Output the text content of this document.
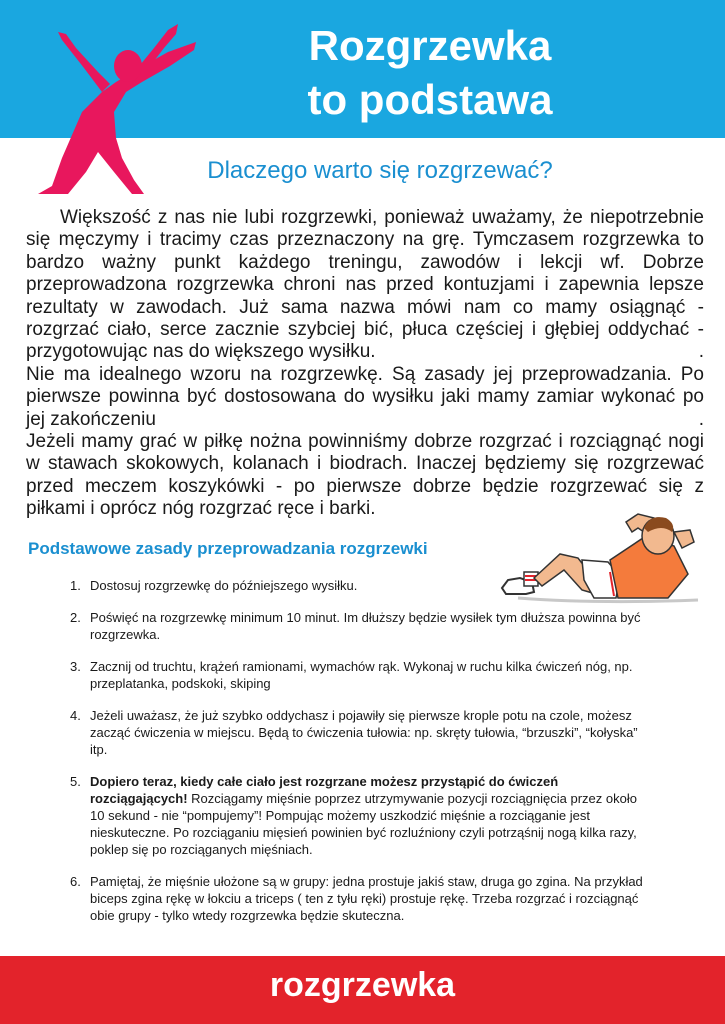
Rozgrzewka
to podstawa
Dlaczego warto się rozgrzewać?

Większość z nas nie lubi rozgrzewki, ponieważ uważamy, że niepotrzebnie się męczymy i tracimy czas przeznaczony na grę. Tymczasem rozgrzewka to bardzo ważny punkt każdego treningu, zawodów i lekcji wf. Dobrze przeprowadzona rozgrzewka chroni nas przed kontuzjami i zapewnia lepsze rezultaty w zawodach. Już sama nazwa mówi nam co mamy osiągnąć - rozgrzać ciało, serce zacznie szybciej bić, płuca częściej i głębiej oddychać - przygotowując nas do większego wysiłku.	.

Nie ma idealnego wzoru na rozgrzewkę. Są zasady jej przeprowadzania. Po pierwsze powinna być dostosowana do wysiłku jaki mamy zamiar wykonać po jej zakończeniu	.

Jeżeli mamy grać w piłkę nożna powinniśmy dobrze rozgrzać i rozciągnąć nogi w stawach skokowych, kolanach i biodrach. Inaczej będziemy się rozgrzewać przed meczem koszykówki - po pierwsze dobrze będzie rozgrzewać się z piłkami i oprócz nóg rozgrzać ręce i barki.

Podstawowe zasady przeprowadzania rozgrzewki
1. Dostosuj rozgrzewkę do późniejszego wysiłku.
2. Poświęć na rozgrzewkę minimum 10 minut. Im dłuższy będzie wysiłek tym dłuższa powinna być rozgrzewka.
3. Zacznij od truchtu, krążeń ramionami, wymachów rąk. Wykonaj w ruchu kilka ćwiczeń nóg, np. przeplatanka, podskoki, skiping
4. Jeżeli uważasz, że już szybko oddychasz i pojawiły się pierwsze krople potu na czole, możesz zacząć ćwiczenia w miejscu. Będą to ćwiczenia tułowia: np. skręty tułowia, “brzuszki”, “kołyska” itp.
5. Dopiero teraz, kiedy całe ciało jest rozgrzane możesz przystąpić do ćwiczeń rozciągających! Rozciągamy mięśnie poprzez utrzymywanie pozycji rozciągnięcia przez około 10 sekund - nie “pompujemy”! Pompując możemy uszkodzić mięśnie a rozciąganie jest nieskuteczne. Po rozciąganiu mięsień powinien być rozluźniony czyli potrząśnij nogą kilka razy, poklep się po rozciąganych mięśniach.
6. Pamiętaj, że mięśnie ułożone są w grupy: jedna prostuje jakiś staw, druga go zgina. Na przykład biceps zgina rękę w łokciu a triceps ( ten z tyłu ręki) prostuje rękę. Trzeba rozgrzać i rozciągnąć obie grupy - tylko wtedy rozgrzewka będzie skuteczna.
rozgrzewka
